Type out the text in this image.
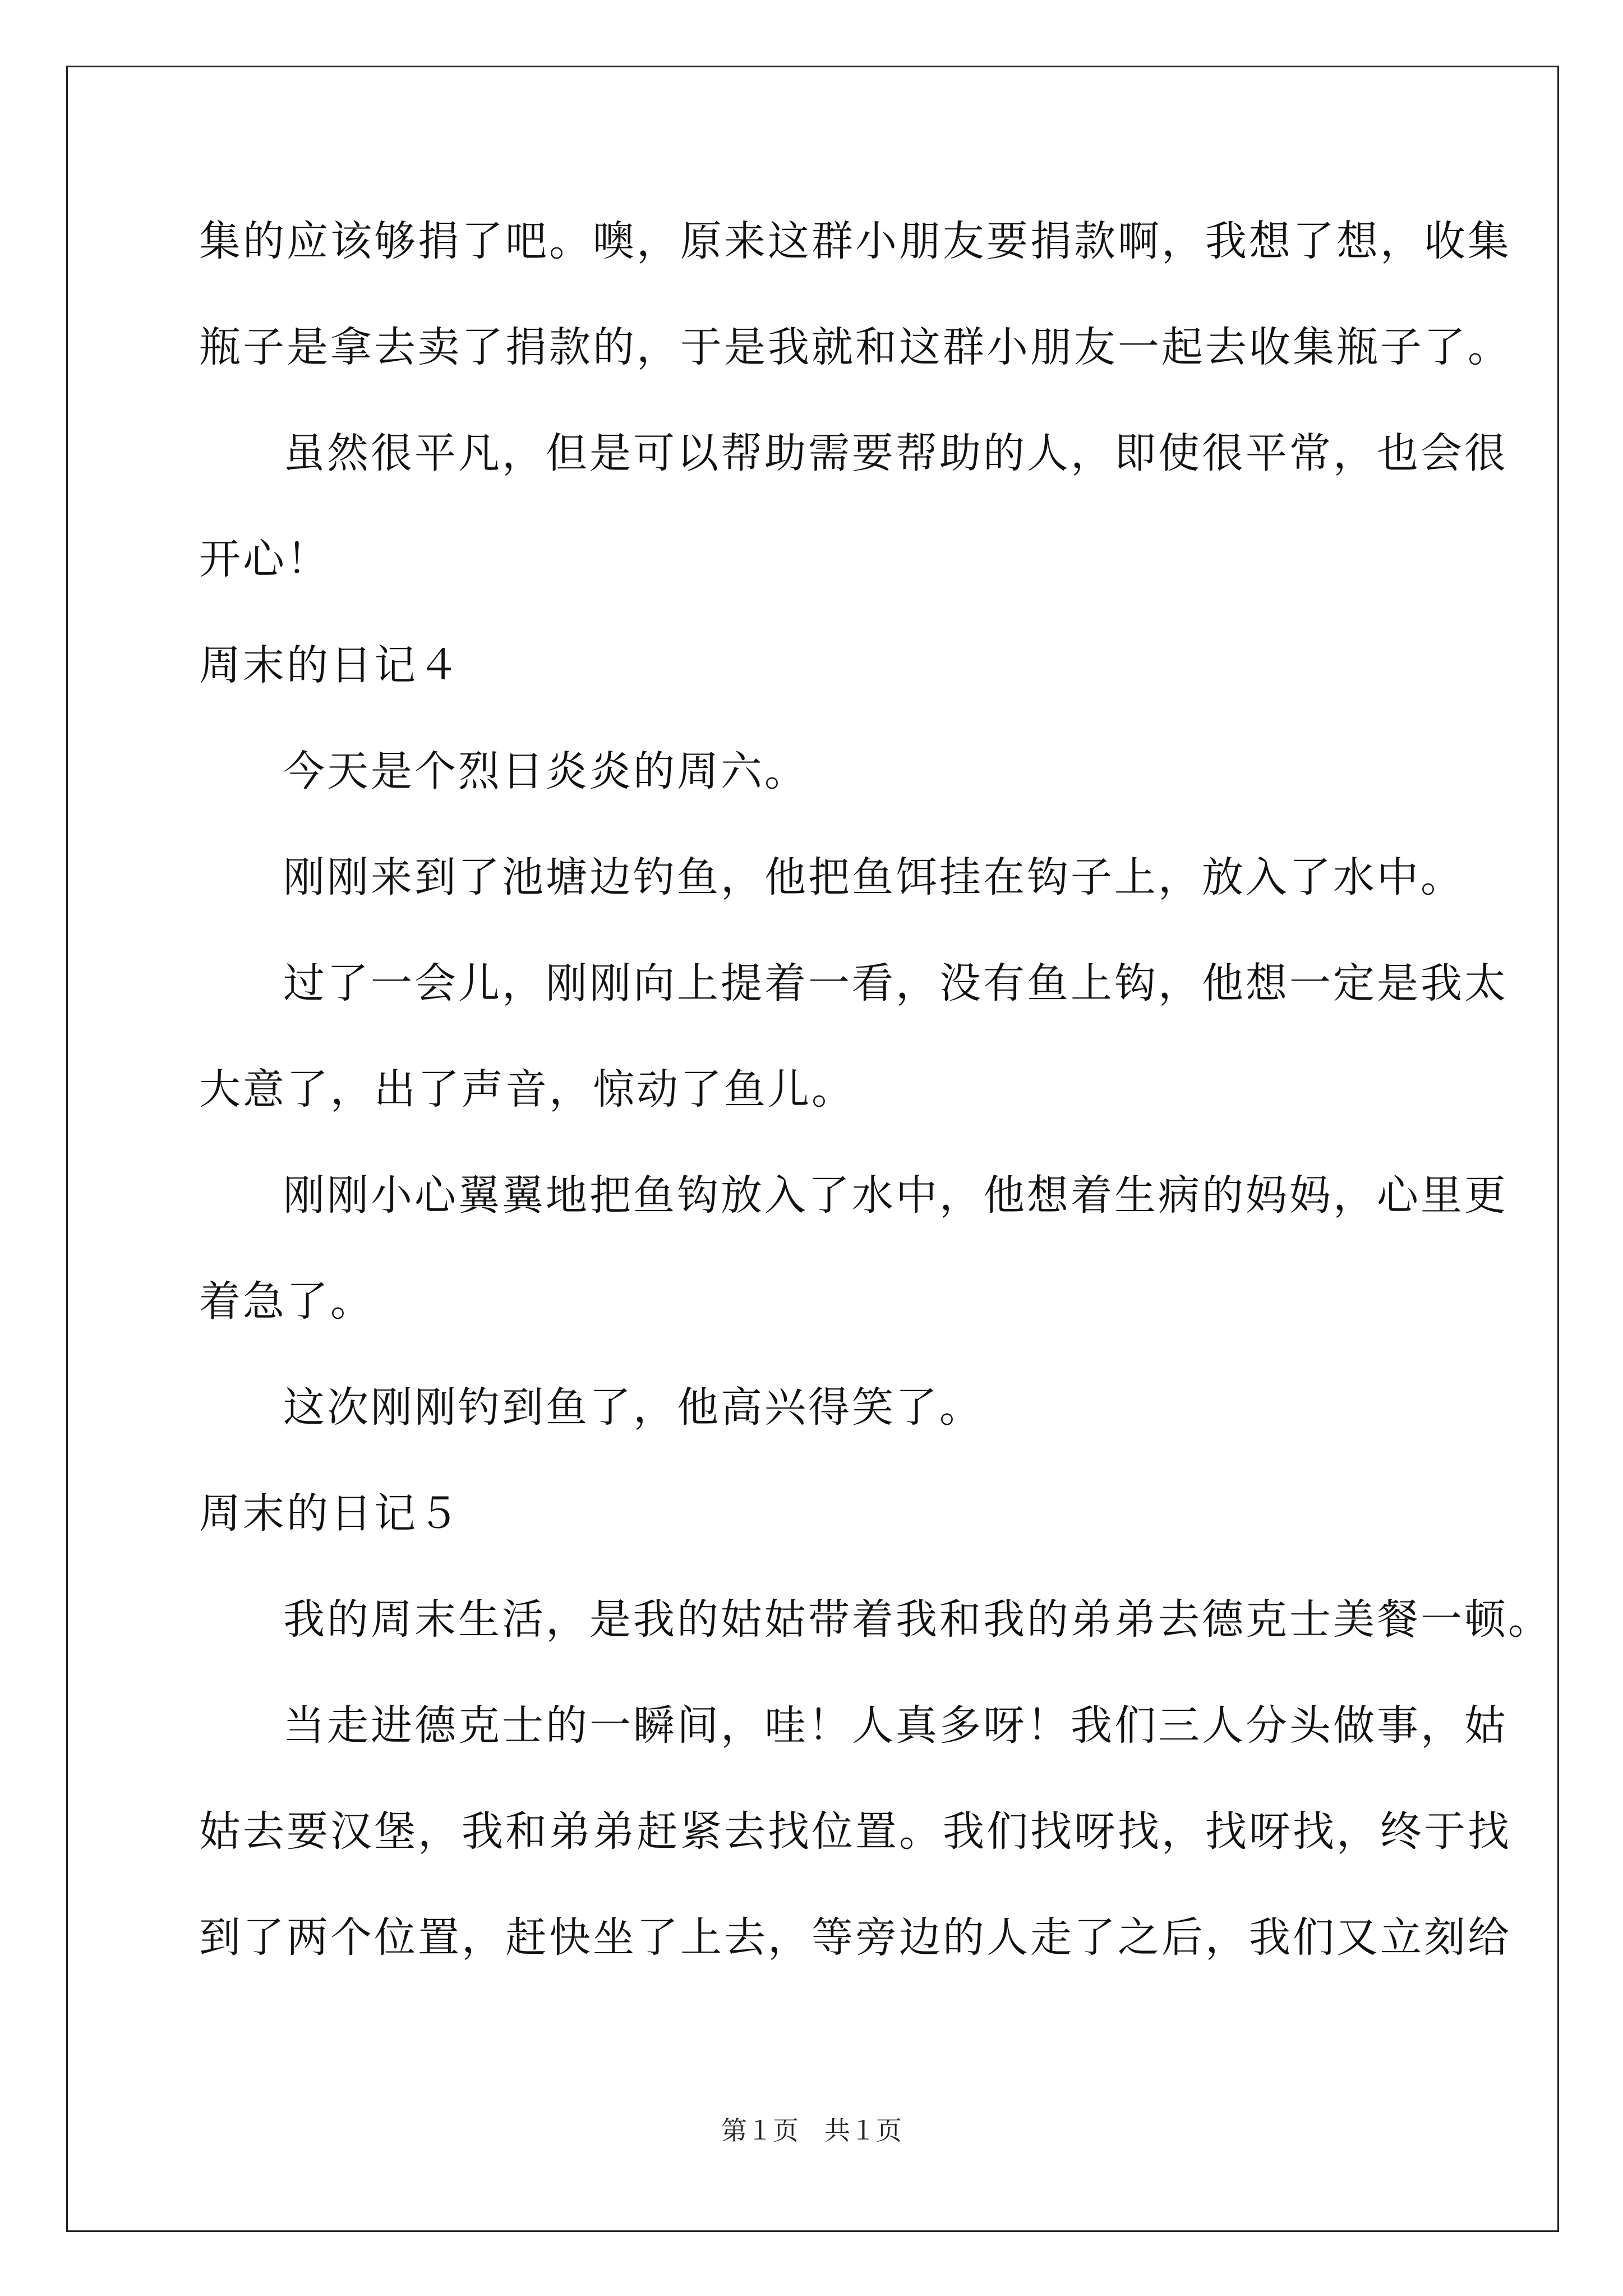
集的应该够捐了吧。噢，原来这群小朋友要捐款啊，我想了想，收集
瓶子是拿去卖了捐款的，于是我就和这群小朋友一起去收集瓶子了。
虽然很平凡，但是可以帮助需要帮助的人，即使很平常，也会很
开心！
周末的日记４
今天是个烈日炎炎的周六。
刚刚来到了池塘边钓鱼，他把鱼饵挂在钩子上，放入了水中。
过了一会儿，刚刚向上提着一看，没有鱼上钩，他想一定是我太
大意了，出了声音，惊动了鱼儿。
刚刚小心翼翼地把鱼钩放入了水中，他想着生病的妈妈，心里更
着急了。
这次刚刚钓到鱼了，他高兴得笑了。
周末的日记５
我的周末生活，是我的姑姑带着我和我的弟弟去德克士美餐一顿。
当走进德克士的一瞬间，哇！人真多呀！我们三人分头做事，姑
姑去要汉堡，我和弟弟赶紧去找位置。我们找呀找，找呀找，终于找
到了两个位置，赶快坐了上去，等旁边的人走了之后，我们又立刻给
第１页　共１页
